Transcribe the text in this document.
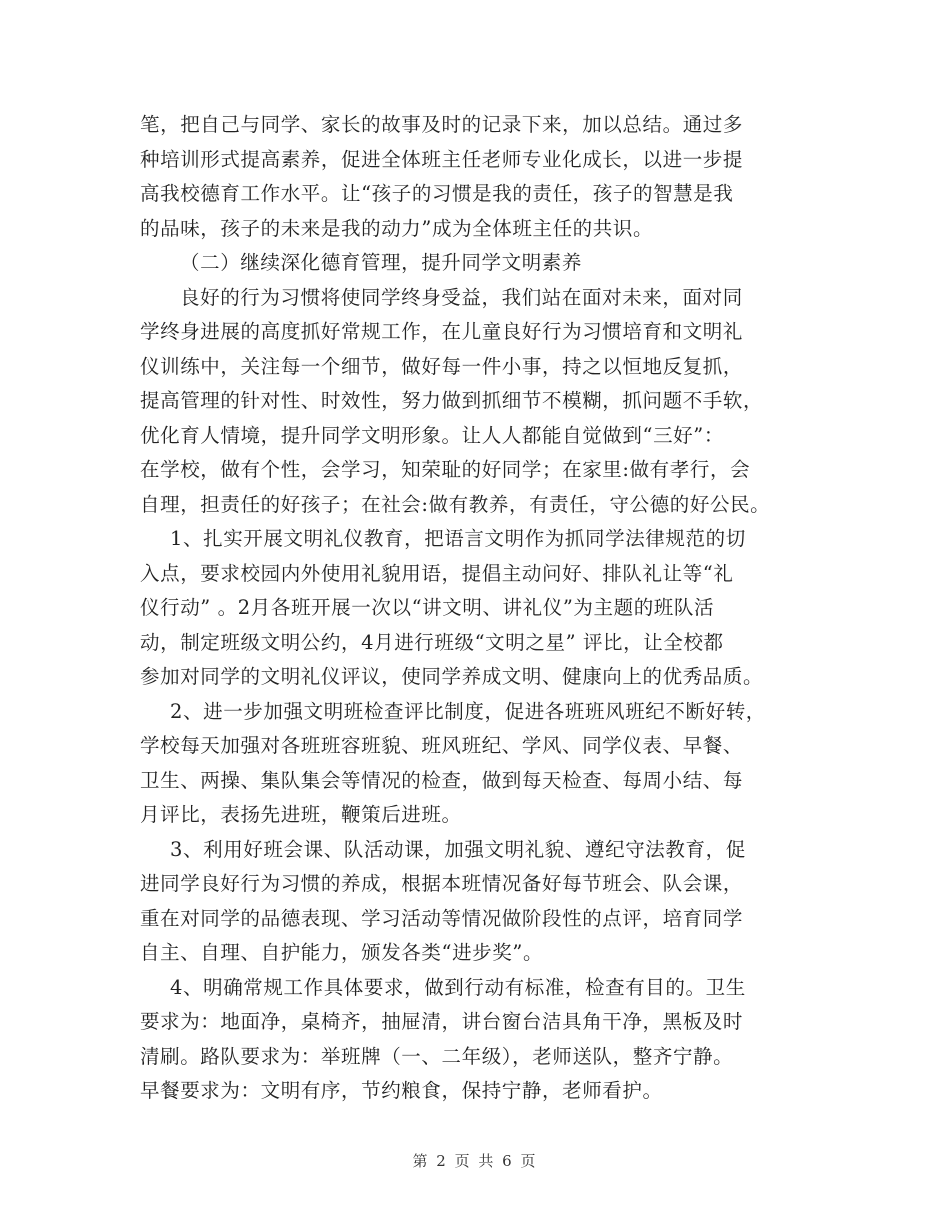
笔，把自己与同学、家长的故事及时的记录下来，加以总结。通过多
种培训形式提高素养，促进全体班主任老师专业化成长，以进一步提
高我校德育工作水平。让“孩子的习惯是我的责任，孩子的智慧是我
的品味，孩子的未来是我的动力”成为全体班主任的共识。
（二）继续深化德育管理，提升同学文明素养
良好的行为习惯将使同学终身受益，我们站在面对未来，面对同
学终身进展的高度抓好常规工作，在儿童良好行为习惯培育和文明礼
仪训练中，关注每一个细节，做好每一件小事，持之以恒地反复抓，
提高管理的针对性、时效性，努力做到抓细节不模糊，抓问题不手软，
优化育人情境，提升同学文明形象。让人人都能自觉做到“三好”：
在学校，做有个性，会学习，知荣耻的好同学；在家里:做有孝行，会
自理，担责任的好孩子；在社会:做有教养，有责任，守公德的好公民。
1、扎实开展文明礼仪教育，把语言文明作为抓同学法律规范的切
入点，要求校园内外使用礼貌用语，提倡主动问好、排队礼让等“礼
仪行动” 。2月各班开展一次以“讲文明、讲礼仪”为主题的班队活
动，制定班级文明公约，4月进行班级“文明之星” 评比，让全校都
参加对同学的文明礼仪评议，使同学养成文明、健康向上的优秀品质。
2、进一步加强文明班检查评比制度，促进各班班风班纪不断好转，
学校每天加强对各班班容班貌、班风班纪、学风、同学仪表、早餐、
卫生、两操、集队集会等情况的检查，做到每天检查、每周小结、每
月评比，表扬先进班，鞭策后进班。
3、利用好班会课、队活动课，加强文明礼貌、遵纪守法教育，促
进同学良好行为习惯的养成，根据本班情况备好每节班会、队会课，
重在对同学的品德表现、学习活动等情况做阶段性的点评，培育同学
自主、自理、自护能力，颁发各类“进步奖”。
4、明确常规工作具体要求，做到行动有标准，检查有目的。卫生
要求为：地面净，桌椅齐，抽屉清，讲台窗台洁具角干净，黑板及时
清刷。路队要求为：举班牌（一、二年级），老师送队，整齐宁静。
早餐要求为：文明有序，节约粮食，保持宁静，老师看护。
第 2 页 共 6 页
